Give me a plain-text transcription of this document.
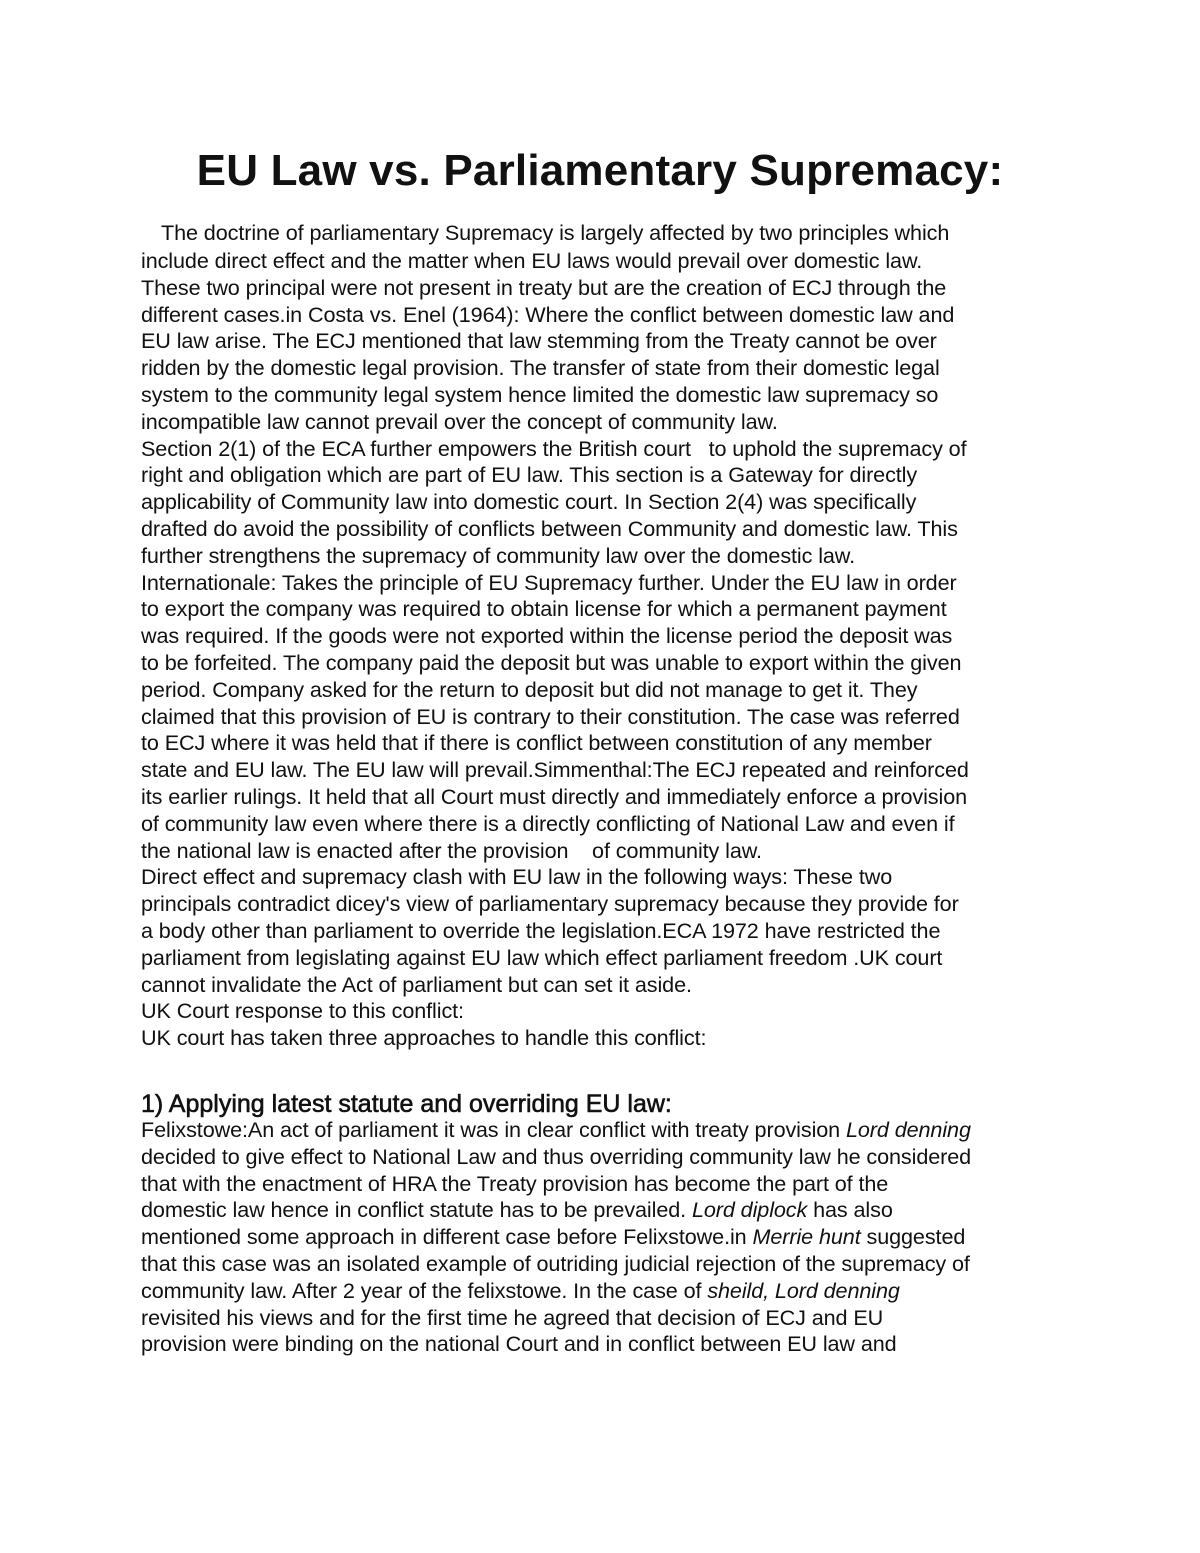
EU Law vs. Parliamentary Supremacy:
The doctrine of parliamentary Supremacy is largely affected by two principles which
include direct effect and the matter when EU laws would prevail over domestic law.
These two principal were not present in treaty but are the creation of ECJ through the
different cases.in Costa vs. Enel (1964): Where the conflict between domestic law and
EU law arise. The ECJ mentioned that law stemming from the Treaty cannot be over
ridden by the domestic legal provision. The transfer of state from their domestic legal
system to the community legal system hence limited the domestic law supremacy so
incompatible law cannot prevail over the concept of community law.
Section 2(1) of the ECA further empowers the British court   to uphold the supremacy of
right and obligation which are part of EU law. This section is a Gateway for directly
applicability of Community law into domestic court. In Section 2(4) was specifically
drafted do avoid the possibility of conflicts between Community and domestic law. This
further strengthens the supremacy of community law over the domestic law.
Internationale: Takes the principle of EU Supremacy further. Under the EU law in order
to export the company was required to obtain license for which a permanent payment
was required. If the goods were not exported within the license period the deposit was
to be forfeited. The company paid the deposit but was unable to export within the given
period. Company asked for the return to deposit but did not manage to get it. They
claimed that this provision of EU is contrary to their constitution. The case was referred
to ECJ where it was held that if there is conflict between constitution of any member
state and EU law. The EU law will prevail.Simmenthal:The ECJ repeated and reinforced
its earlier rulings. It held that all Court must directly and immediately enforce a provision
of community law even where there is a directly conflicting of National Law and even if
the national law is enacted after the provision    of community law.
Direct effect and supremacy clash with EU law in the following ways: These two
principals contradict dicey's view of parliamentary supremacy because they provide for
a body other than parliament to override the legislation.ECA 1972 have restricted the
parliament from legislating against EU law which effect parliament freedom .UK court
cannot invalidate the Act of parliament but can set it aside.
UK Court response to this conflict:
UK court has taken three approaches to handle this conflict:
1) Applying latest statute and overriding EU law:
Felixstowe:An act of parliament it was in clear conflict with treaty provision Lord denning
decided to give effect to National Law and thus overriding community law he considered
that with the enactment of HRA the Treaty provision has become the part of the
domestic law hence in conflict statute has to be prevailed. Lord diplock has also
mentioned some approach in different case before Felixstowe.in Merrie hunt suggested
that this case was an isolated example of outriding judicial rejection of the supremacy of
community law. After 2 year of the felixstowe. In the case of sheild, Lord denning
revisited his views and for the first time he agreed that decision of ECJ and EU
provision were binding on the national Court and in conflict between EU law and
